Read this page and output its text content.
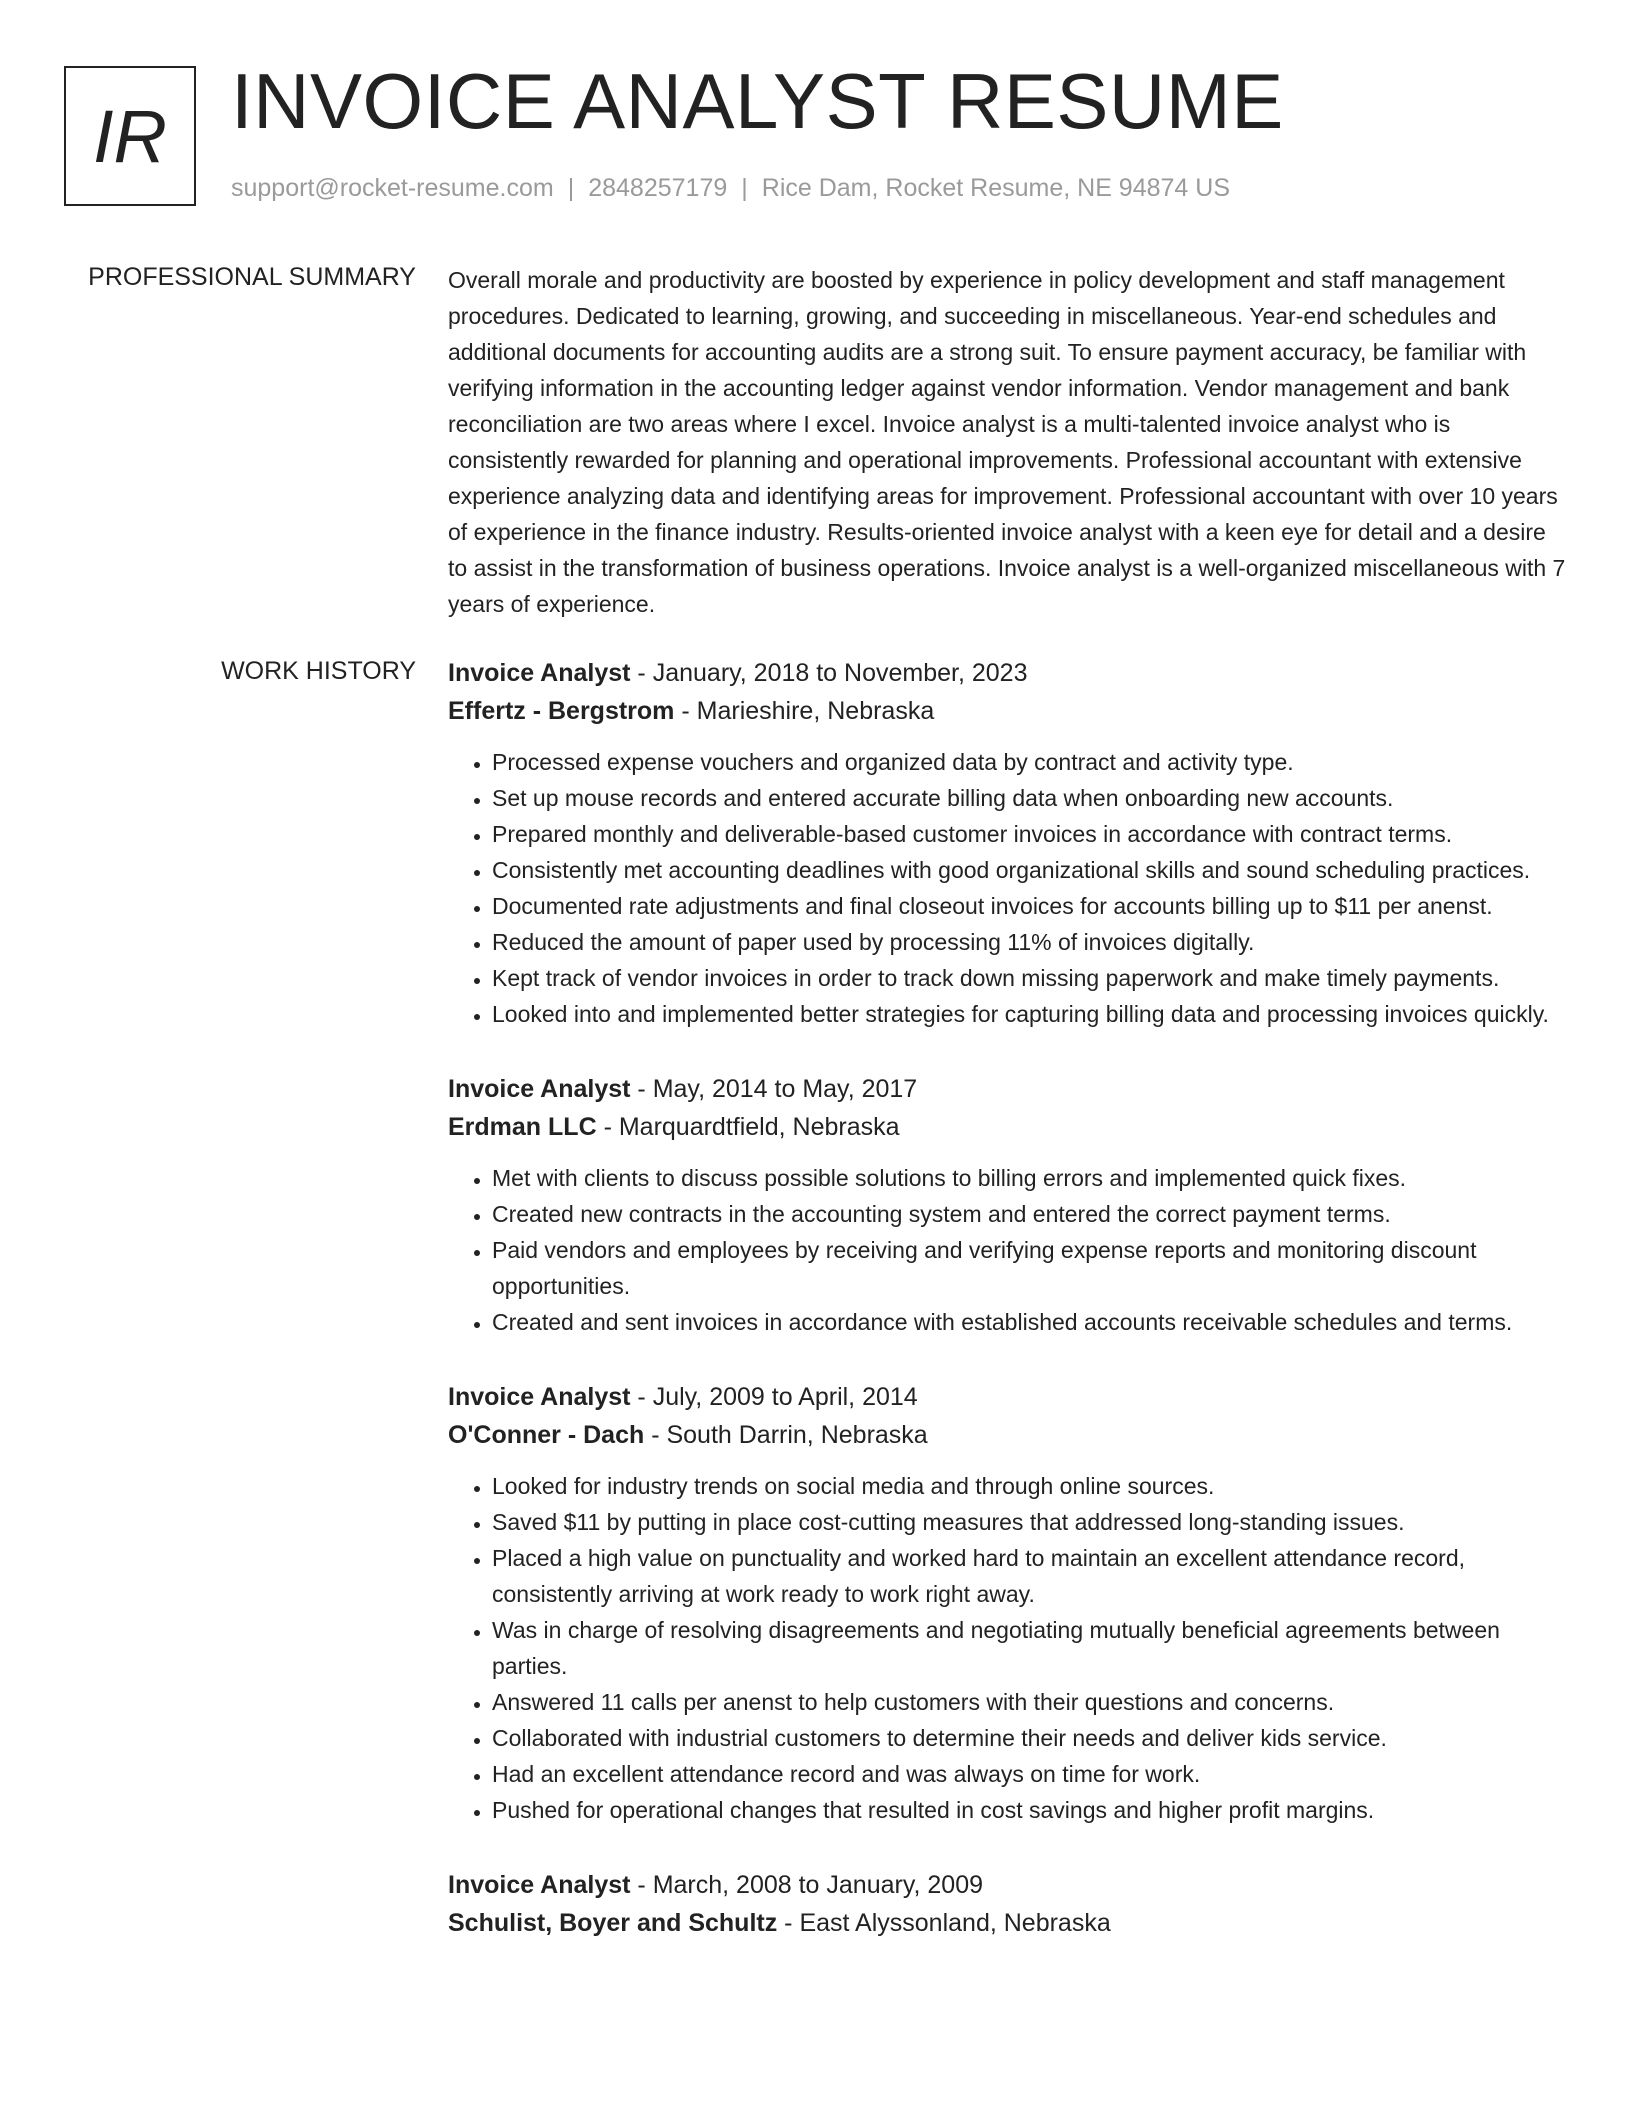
IR INVOICE ANALYST RESUME
support@rocket-resume.com | 2848257179 | Rice Dam, Rocket Resume, NE 94874 US
PROFESSIONAL SUMMARY Overall morale and productivity are boosted by experience in policy development and staff management procedures. Dedicated to learning, growing, and succeeding in miscellaneous. Year-end schedules and additional documents for accounting audits are a strong suit. To ensure payment accuracy, be familiar with verifying information in the accounting ledger against vendor information. Vendor management and bank reconciliation are two areas where I excel. Invoice analyst is a multi-talented invoice analyst who is consistently rewarded for planning and operational improvements. Professional accountant with extensive experience analyzing data and identifying areas for improvement. Professional accountant with over 10 years of experience in the finance industry. Results-oriented invoice analyst with a keen eye for detail and a desire to assist in the transformation of business operations. Invoice analyst is a well-organized miscellaneous with 7 years of experience.

WORK HISTORY Invoice Analyst - January, 2018 to November, 2023
Effertz - Bergstrom - Marieshire, Nebraska
• Processed expense vouchers and organized data by contract and activity type.
• Set up mouse records and entered accurate billing data when onboarding new accounts.
• Prepared monthly and deliverable-based customer invoices in accordance with contract terms.
• Consistently met accounting deadlines with good organizational skills and sound scheduling practices.
• Documented rate adjustments and final closeout invoices for accounts billing up to $11 per anenst.
• Reduced the amount of paper used by processing 11% of invoices digitally.
• Kept track of vendor invoices in order to track down missing paperwork and make timely payments.
• Looked into and implemented better strategies for capturing billing data and processing invoices quickly.
Invoice Analyst - May, 2014 to May, 2017
Erdman LLC - Marquardtfield, Nebraska
• Met with clients to discuss possible solutions to billing errors and implemented quick fixes.
• Created new contracts in the accounting system and entered the correct payment terms.
• Paid vendors and employees by receiving and verifying expense reports and monitoring discount opportunities.
• Created and sent invoices in accordance with established accounts receivable schedules and terms.
Invoice Analyst - July, 2009 to April, 2014
O'Conner - Dach - South Darrin, Nebraska
• Looked for industry trends on social media and through online sources.
• Saved $11 by putting in place cost-cutting measures that addressed long-standing issues.
• Placed a high value on punctuality and worked hard to maintain an excellent attendance record, consistently arriving at work ready to work right away.
• Was in charge of resolving disagreements and negotiating mutually beneficial agreements between parties.
• Answered 11 calls per anenst to help customers with their questions and concerns.
• Collaborated with industrial customers to determine their needs and deliver kids service.
• Had an excellent attendance record and was always on time for work.
• Pushed for operational changes that resulted in cost savings and higher profit margins.
Invoice Analyst - March, 2008 to January, 2009
Schulist, Boyer and Schultz - East Alyssonland, Nebraska
